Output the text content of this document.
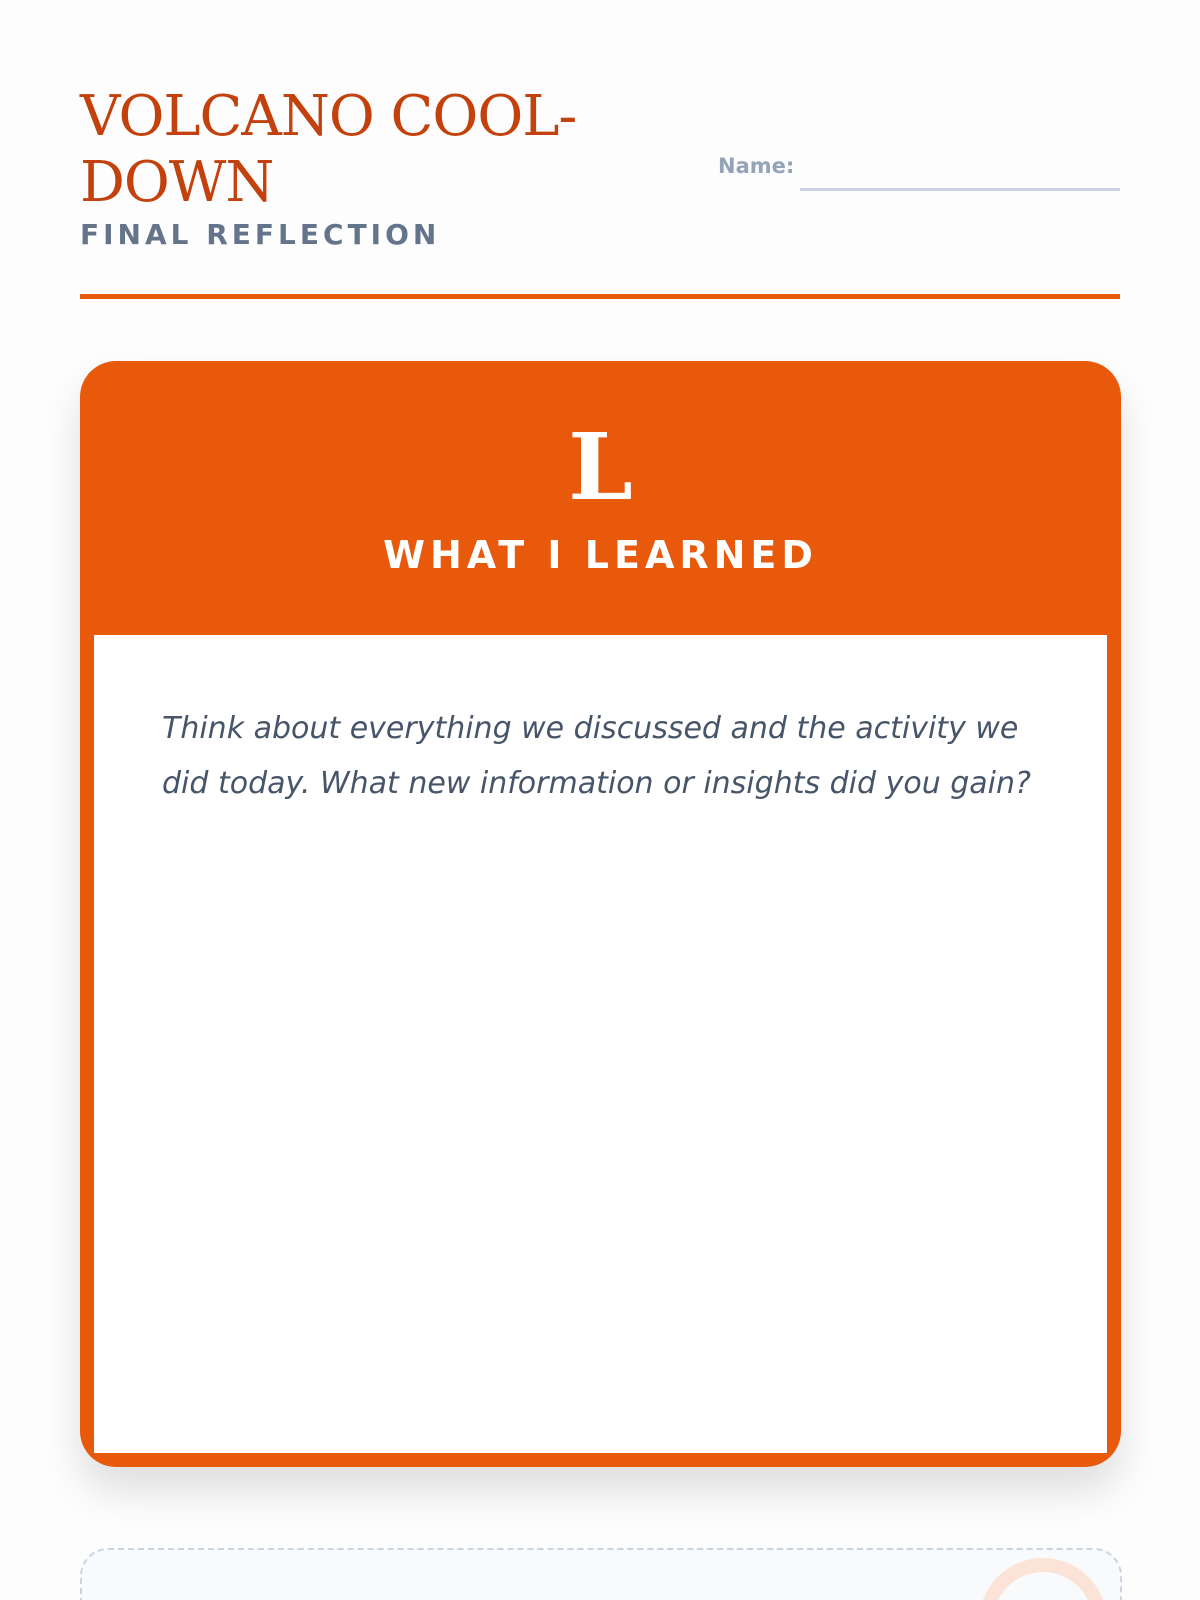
VOLCANO COOL-DOWN
FINAL REFLECTION
Name:
L
WHAT I LEARNED

Think about everything we discussed and the activity we did today. What new information or insights did you gain?
